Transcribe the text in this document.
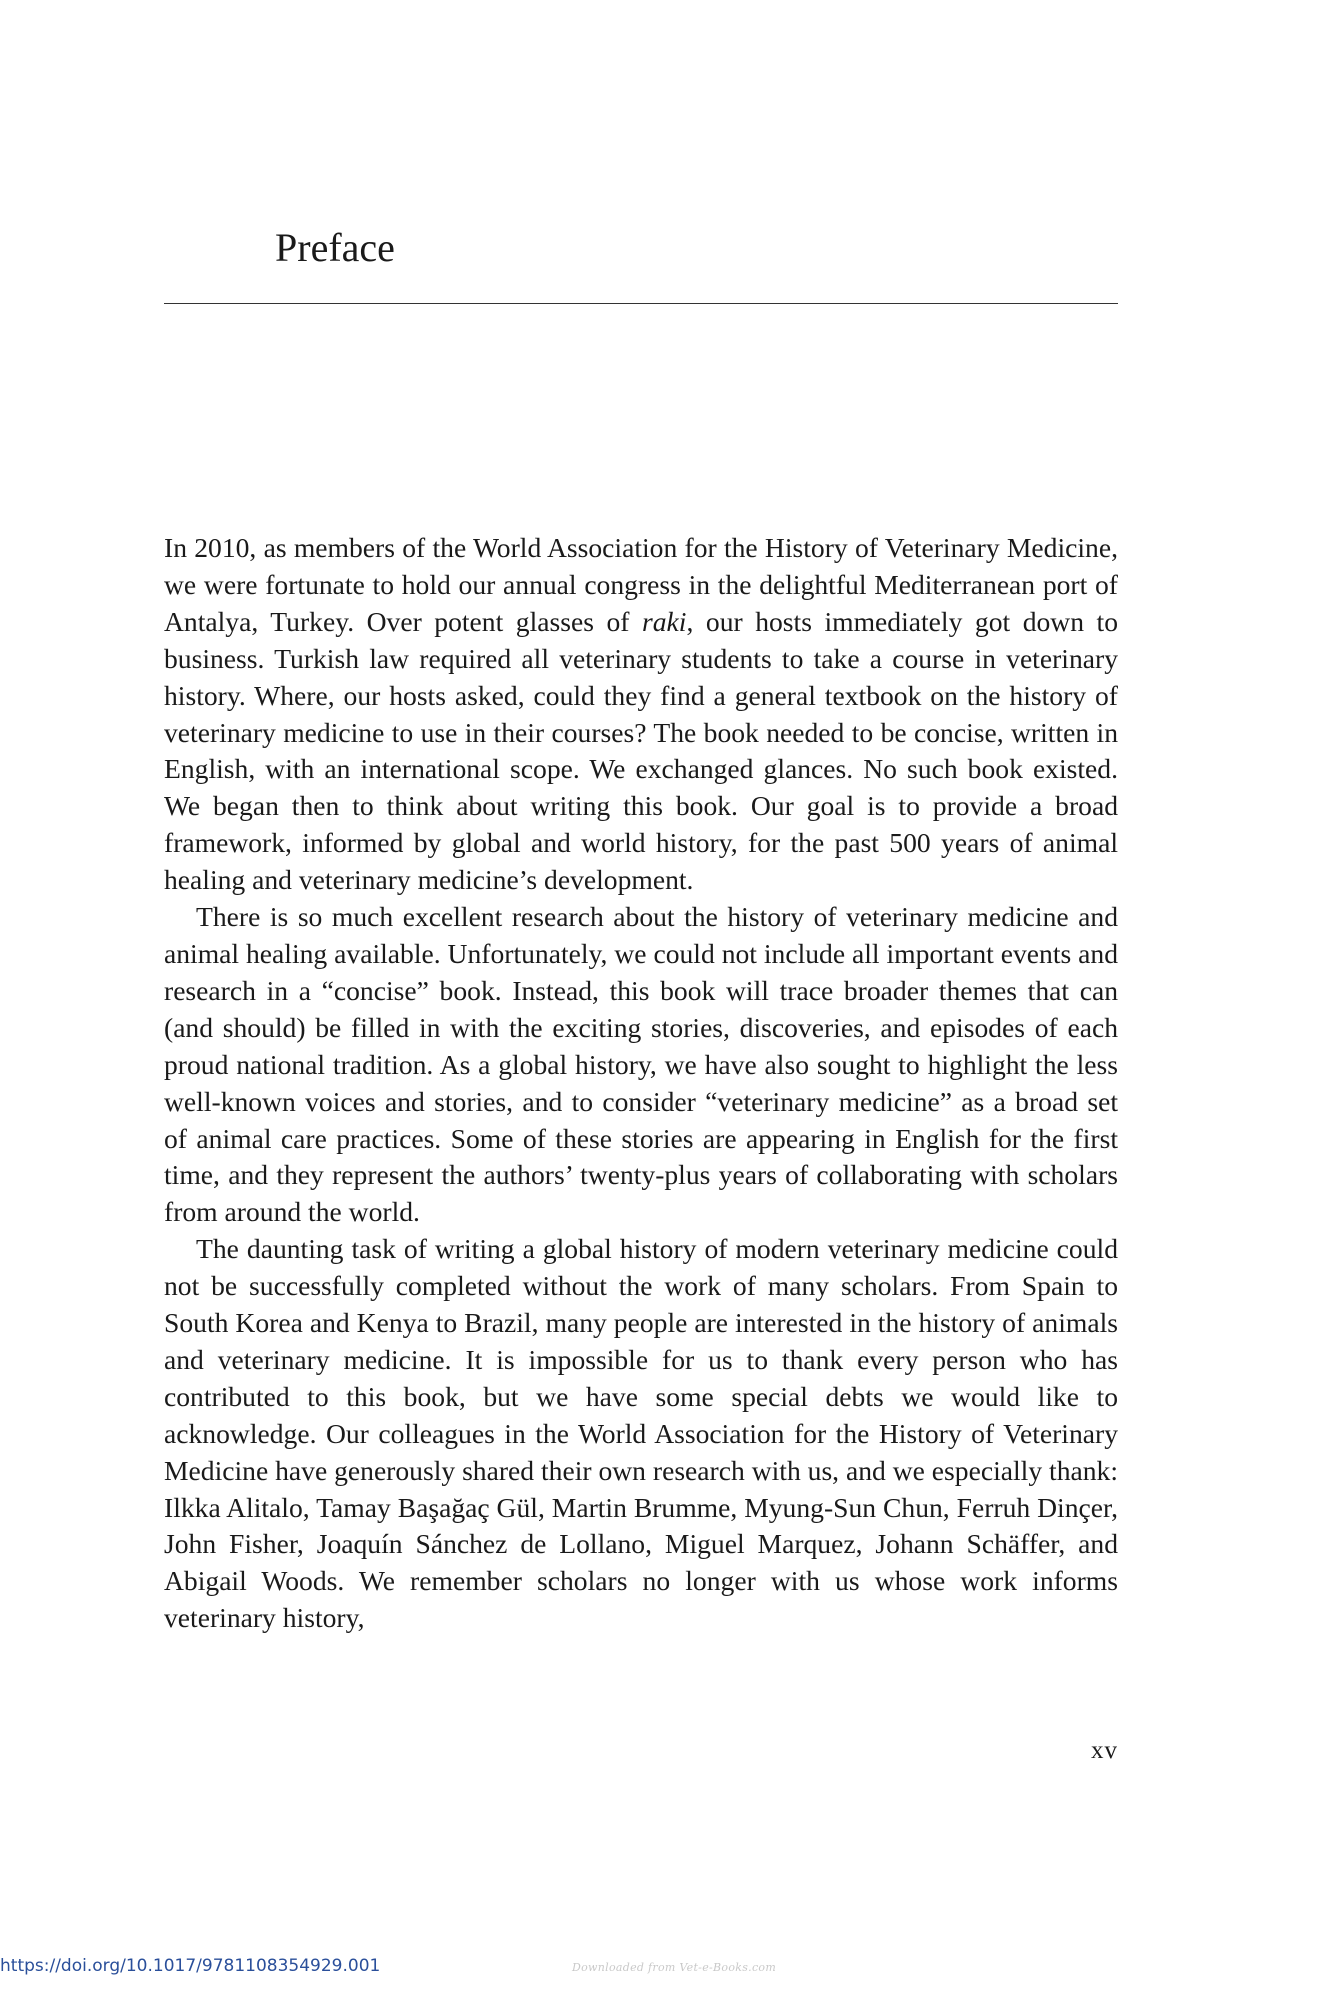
Preface

In 2010, as members of the World Association for the History of Veterinary Medicine, we were fortunate to hold our annual congress in the delightful Mediterranean port of Antalya, Turkey. Over potent glasses of raki, our hosts immediately got down to business. Turkish law required all veterinary students to take a course in veterinary history. Where, our hosts asked, could they find a general textbook on the history of veterinary medicine to use in their courses? The book needed to be concise, written in English, with an international scope. We exchanged glances. No such book existed. We began then to think about writing this book. Our goal is to provide a broad framework, informed by global and world history, for the past 500 years of animal healing and veterinary medicine’s development.

There is so much excellent research about the history of veterinary medicine and animal healing available. Unfortunately, we could not include all important events and research in a “concise” book. Instead, this book will trace broader themes that can (and should) be filled in with the exciting stories, discoveries, and episodes of each proud national tradition. As a global history, we have also sought to highlight the less well-known voices and stories, and to consider “veterinary medicine” as a broad set of animal care practices. Some of these stories are appearing in English for the first time, and they represent the authors’ twenty-plus years of collaborating with scholars from around the world.

The daunting task of writing a global history of modern veterinary medicine could not be successfully completed without the work of many scholars. From Spain to South Korea and Kenya to Brazil, many people are interested in the history of animals and veterinary medicine. It is impossible for us to thank every person who has contributed to this book, but we have some special debts we would like to acknowledge. Our colleagues in the World Association for the History of Veterinary Medicine have generously shared their own research with us, and we especially thank: Ilkka Alitalo, Tamay Başağaç Gül, Martin Brumme, Myung-Sun Chun, Ferruh Dinçer, John Fisher, Joaquín Sánchez de Lollano, Miguel Marquez, Johann Schäffer, and Abigail Woods. We remember scholars no longer with us whose work informs veterinary history,

xv
https://doi.org/10.1017/9781108354929.001	Downloaded from Vet-e-Books.com
